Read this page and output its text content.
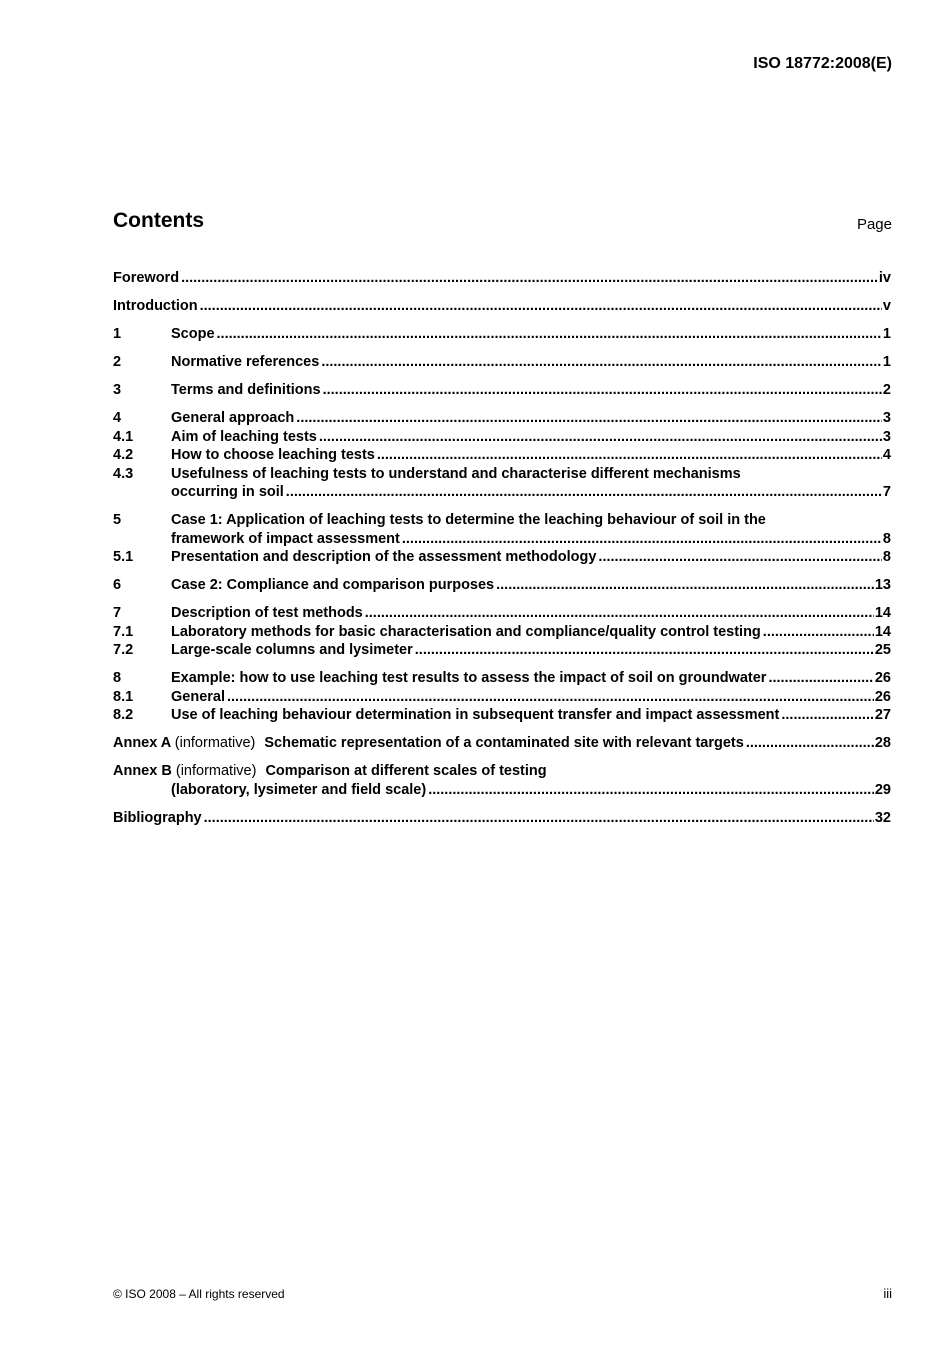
ISO 18772:2008(E)
Contents	Page
Foreword .....	iv
Introduction .....	v
1	Scope .....	1
2	Normative references .....	1
3	Terms and definitions .....	2
4	General approach .....	3
4.1	Aim of leaching tests .....	3
4.2	How to choose leaching tests .....	4
4.3	Usefulness of leaching tests to understand and characterise different mechanisms
occurring in soil .....	7
5	Case 1: Application of leaching tests to determine the leaching behaviour of soil in the
framework of impact assessment .....	8
5.1	Presentation and description of the assessment methodology .....	8
6	Case 2: Compliance and comparison purposes .....	13
7	Description of test methods .....	14
7.1	Laboratory methods for basic characterisation and compliance/quality control testing .....	14
7.2	Large-scale columns and lysimeter .....	25
8	Example: how to use leaching test results to assess the impact of soil on groundwater .....	26
8.1	General .....	26
8.2	Use of leaching behaviour determination in subsequent transfer and impact assessment .....	27
Annex A (informative) Schematic representation of a contaminated site with relevant targets .....	28
Annex B (informative) Comparison at different scales of testing
(laboratory, lysimeter and field scale) .....	29
Bibliography .....	32
© ISO 2008 – All rights reserved	iii
